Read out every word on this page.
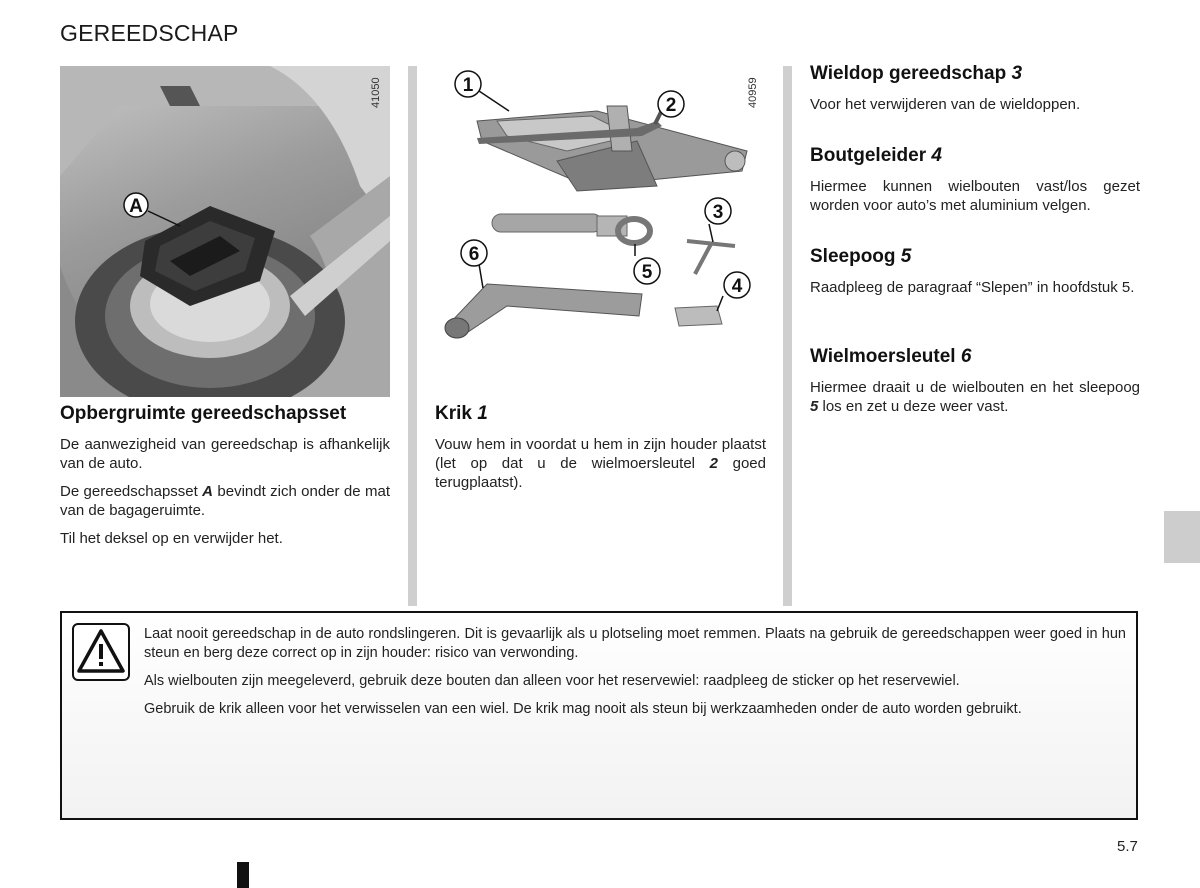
GEREEDSCHAP
A
41050	1
2
3
4
5
6
40959
Opbergruimte gereedschapsset

De aanwezigheid van gereedschap is afhankelijk van de auto.

De gereedschapsset A bevindt zich onder de mat van de bagageruimte.

Til het deksel op en verwijder het.

Krik 1

Vouw hem in voordat u hem in zijn houder plaatst (let op dat u de wielmoersleutel 2 goed terugplaatst).

Wieldop gereedschap 3

Voor het verwijderen van de wieldoppen.

Boutgeleider 4

Hiermee kunnen wielbouten vast/los gezet worden voor auto’s met aluminium velgen.

Sleepoog 5

Raadpleeg de paragraaf “Slepen” in hoofdstuk 5.

Wielmoersleutel 6

Hiermee draait u de wielbouten en het sleepoog 5 los en zet u deze weer vast.

Laat nooit gereedschap in de auto rondslingeren. Dit is gevaarlijk als u plotseling moet remmen. Plaats na gebruik de gereedschappen weer goed in hun steun en berg deze correct op in zijn houder: risico van verwonding.

Als wielbouten zijn meegeleverd, gebruik deze bouten dan alleen voor het reservewiel: raadpleeg de sticker op het reservewiel.

Gebruik de krik alleen voor het verwisselen van een wiel. De krik mag nooit als steun bij werkzaamheden onder de auto worden gebruikt.

5.7
